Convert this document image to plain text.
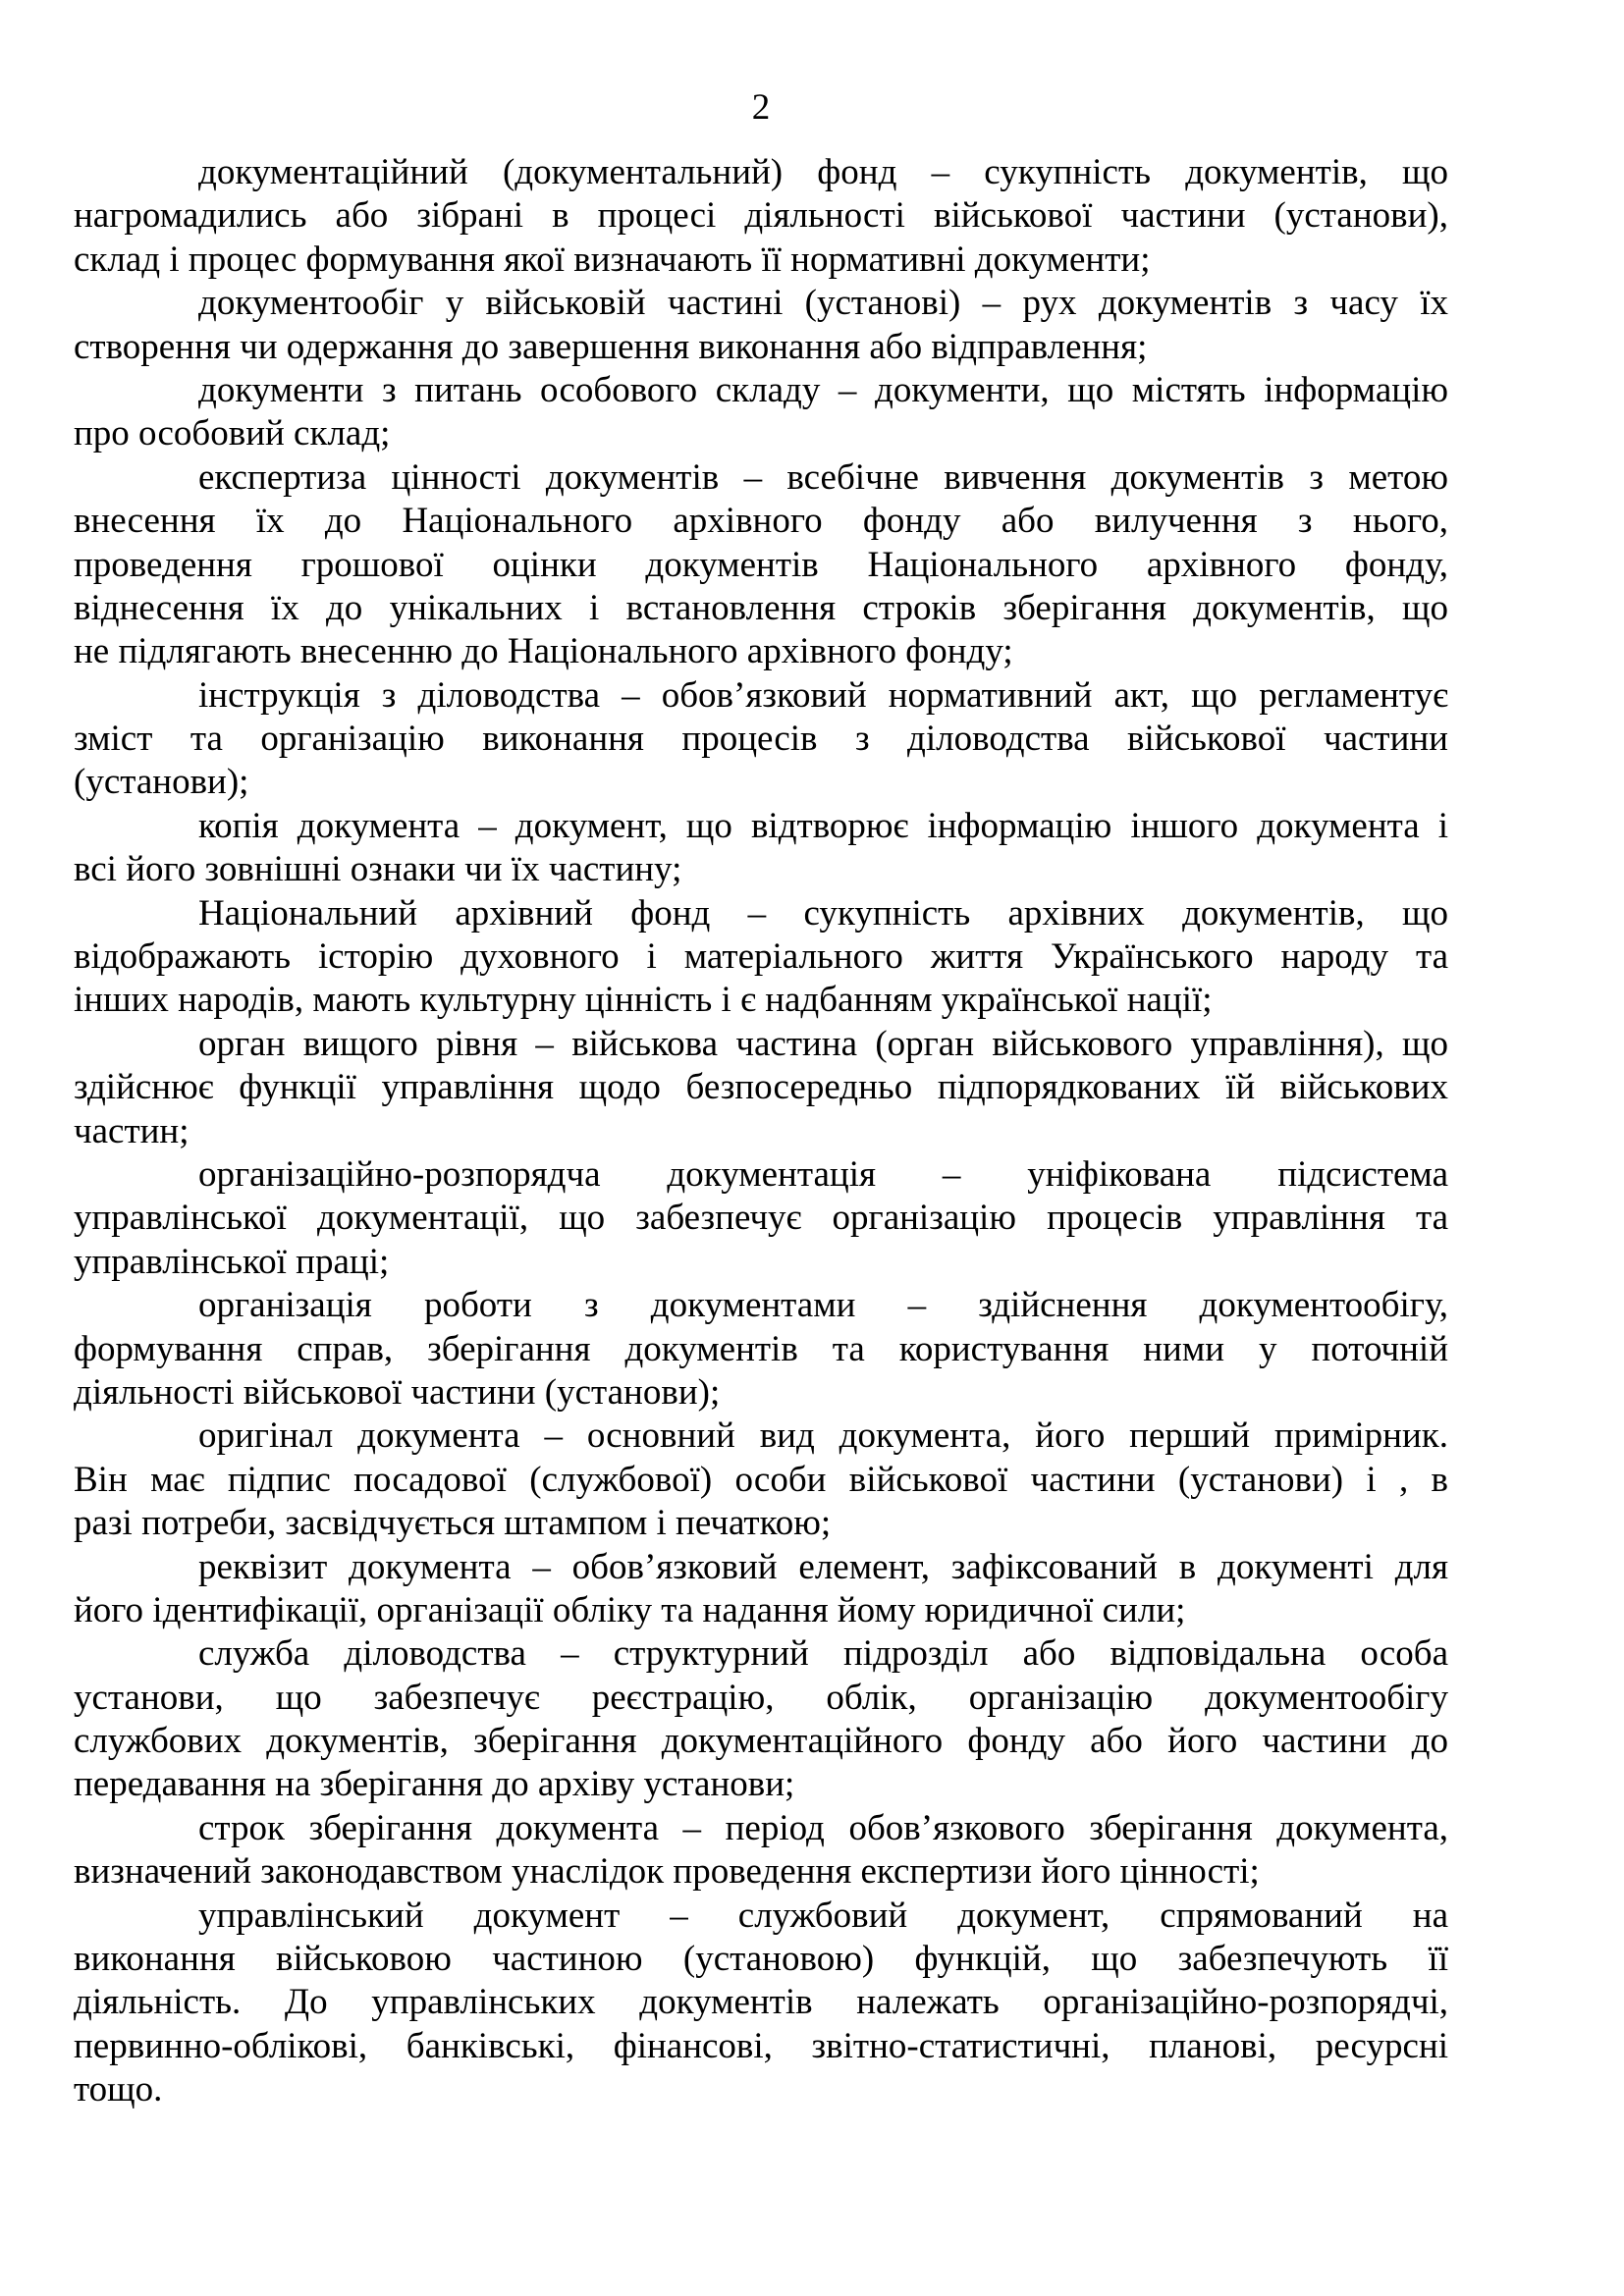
2
документаційний (документальний) фонд – сукупність документів, що
нагромадились або зібрані в процесі діяльності військової частини (установи),
склад і процес формування якої визначають її нормативні документи;
документообіг у військовій частині (установі) – рух документів з часу їх
створення чи одержання до завершення виконання або відправлення;
документи з питань особового складу – документи, що містять інформацію
про особовий склад;
експертиза цінності документів – всебічне вивчення документів з метою
внесення їх до Національного архівного фонду або вилучення з нього,
проведення грошової оцінки документів Національного архівного фонду,
віднесення їх до унікальних і встановлення строків зберігання документів, що
не підлягають внесенню до Національного архівного фонду;
інструкція з діловодства – обов’язковий нормативний акт, що регламентує
зміст та організацію виконання процесів з діловодства військової частини
(установи);
копія документа – документ, що відтворює інформацію іншого документа і
всі його зовнішні ознаки чи їх частину;
Національний архівний фонд – сукупність архівних документів, що
відображають історію духовного і матеріального життя Українського народу та
інших народів, мають культурну цінність і є надбанням української нації;
орган вищого рівня – військова частина (орган військового управління), що
здійснює функції управління щодо безпосередньо підпорядкованих їй військових
частин;
організаційно-розпорядча документація – уніфікована підсистема
управлінської документації, що забезпечує організацію процесів управління та
управлінської праці;
організація роботи з документами – здійснення документообігу,
формування справ, зберігання документів та користування ними у поточній
діяльності військової частини (установи);
оригінал документа – основний вид документа, його перший примірник.
Він має підпис посадової (службової) особи військової частини (установи) і , в
разі потреби, засвідчується штампом і печаткою;
реквізит документа – обов’язковий елемент, зафіксований в документі для
його ідентифікації, організації обліку та надання йому юридичної сили;
служба діловодства – структурний підрозділ або відповідальна особа
установи, що забезпечує реєстрацію, облік, організацію документообігу
службових документів, зберігання документаційного фонду або його частини до
передавання на зберігання до архіву установи;
строк зберігання документа – період обов’язкового зберігання документа,
визначений законодавством унаслідок проведення експертизи його цінності;
управлінський документ – службовий документ, спрямований на
виконання військовою частиною (установою) функцій, що забезпечують її
діяльність. До управлінських документів належать організаційно-розпорядчі,
первинно-облікові, банківські, фінансові, звітно-статистичні, планові, ресурсні
тощо.
